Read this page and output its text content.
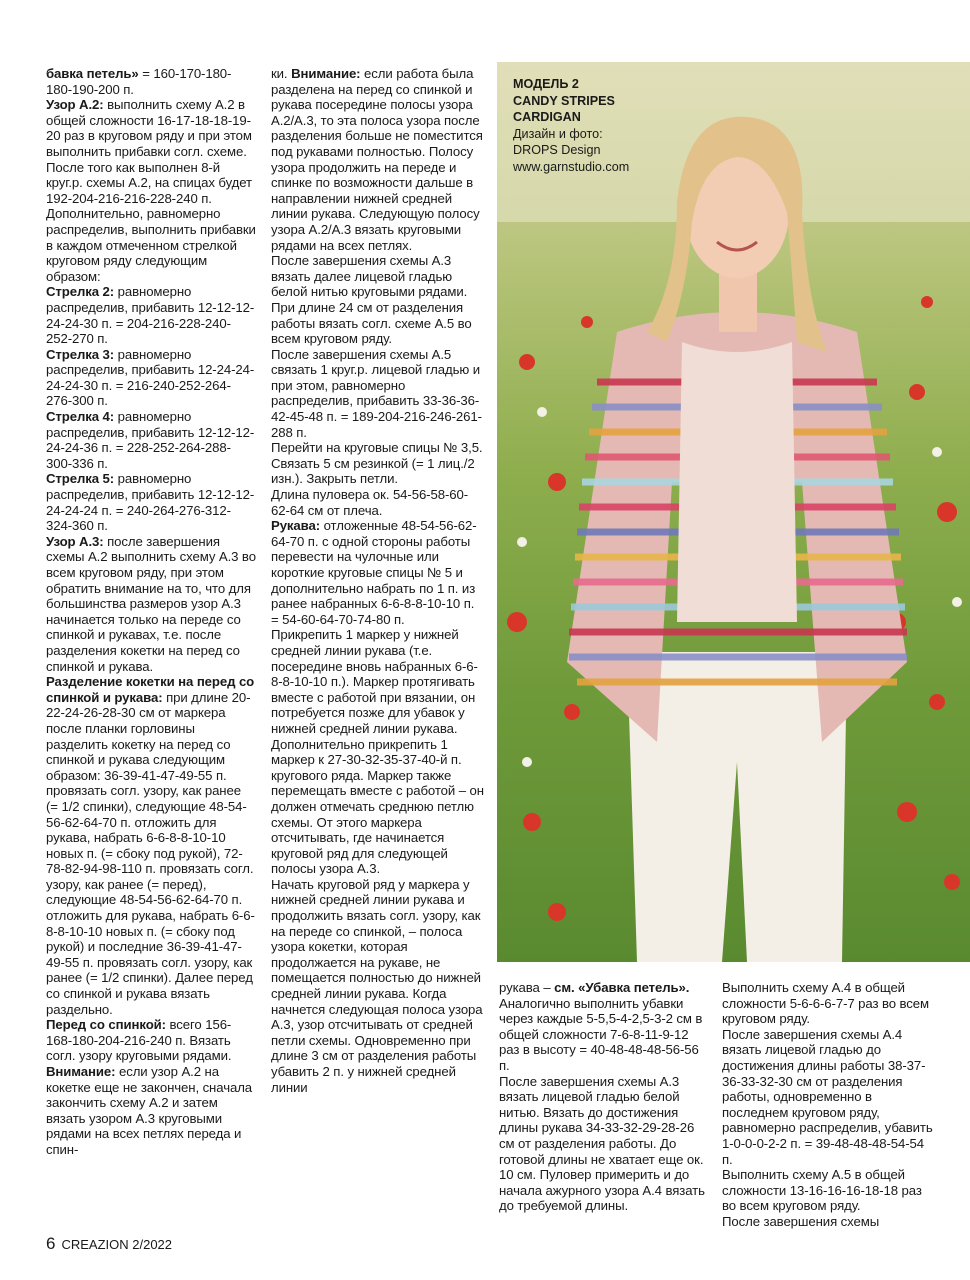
бавка петель» = 160-170-180-180-190-200 п.

Узор А.2: выполнить схему А.2 в общей сложности 16-17-18-18-19-20 раз в круговом ряду и при этом выполнить прибавки согл. схеме. После того как выполнен 8-й круг.р. схемы А.2, на спицах будет 192-204-216-216-228-240 п. Дополнительно, равномерно распределив, выполнить прибавки в каждом отмеченном стрелкой круговом ряду следующим образом:

Стрелка 2: равномерно распределив, прибавить 12-12-12-24-24-30 п. = 204-216-228-240-252-270 п.

Стрелка 3: равномерно распределив, прибавить 12-24-24-24-24-30 п. = 216-240-252-264-276-300 п.

Стрелка 4: равномерно распределив, прибавить 12-12-12-24-24-36 п. = 228-252-264-288-300-336 п.

Стрелка 5: равномерно распределив, прибавить 12-12-12-24-24-24 п. = 240-264-276-312-324-360 п.

Узор А.3: после завершения схемы А.2 выполнить схему А.3 во всем круговом ряду, при этом обратить внимание на то, что для большинства размеров узор А.3 начинается только на переде со спинкой и рукавах, т.е. после разделения кокетки на перед со спинкой и рукава.

Разделение кокетки на перед со спинкой и рукава: при длине 20-22-24-26-28-30 см от маркера после планки горловины разделить кокетку на перед со спинкой и рукава следующим образом: 36-39-41-47-49-55 п. провязать согл. узору, как ранее (= 1/2 спинки), следующие 48-54-56-62-64-70 п. отложить для рукава, набрать 6-6-8-8-10-10 новых п. (= сбоку под рукой), 72-78-82-94-98-110 п. провязать согл. узору, как ранее (= перед), следующие 48-54-56-62-64-70 п. отложить для рукава, набрать 6-6-8-8-10-10 новых п. (= сбоку под рукой) и последние 36-39-41-47-49-55 п. провязать согл. узору, как ранее (= 1/2 спинки). Далее перед со спинкой и рукава вязать раздельно.

Перед со спинкой: всего 156-168-180-204-216-240 п. Вязать согл. узору круговыми рядами. Внимание: если узор А.2 на кокетке еще не закончен, сначала закончить схему А.2 и затем вязать узором А.3 круговыми рядами на всех петлях переда и спин-

ки. Внимание: если работа была разделена на перед со спинкой и рукава посередине полосы узора А.2/А.3, то эта полоса узора после разделения больше не поместится под рукавами полностью. Полосу узора продолжить на переде и спинке по возможности дальше в направлении нижней средней линии рукава. Следующую полосу узора А.2/А.3 вязать круговыми рядами на всех петлях.

После завершения схемы А.3 вязать далее лицевой гладью белой нитью круговыми рядами. При длине 24 см от разделения работы вязать согл. схеме А.5 во всем круговом ряду.

После завершения схемы А.5 связать 1 круг.р. лицевой гладью и при этом, равномерно распределив, прибавить 33-36-36-42-45-48 п. = 189-204-216-246-261-288 п.

Перейти на круговые спицы № 3,5. Связать 5 см резинкой (= 1 лиц./2 изн.). Закрыть петли.

Длина пуловера ок. 54-56-58-60-62-64 см от плеча.

Рукава: отложенные 48-54-56-62-64-70 п. с одной стороны работы перевести на чулочные или короткие круговые спицы № 5 и дополнительно набрать по 1 п. из ранее набранных 6-6-8-8-10-10 п. = 54-60-64-70-74-80 п.

Прикрепить 1 маркер у нижней средней линии рукава (т.е. посередине вновь набранных 6-6-8-8-10-10 п.). Маркер протягивать вместе с работой при вязании, он потребуется позже для убавок у нижней средней линии рукава.

Дополнительно прикрепить 1 маркер к 27-30-32-35-37-40-й п. кругового ряда. Маркер также перемещать вместе с работой – он должен отмечать среднюю петлю схемы. От этого маркера отсчитывать, где начинается круговой ряд для следующей полосы узора А.3.

Начать круговой ряд у маркера у нижней средней линии рукава и продолжить вязать согл. узору, как на переде со спинкой, – полоса узора кокетки, которая продолжается на рукаве, не помещается полностью до нижней средней линии рукава. Когда начнется следующая полоса узора А.3, узор отсчитывать от средней петли схемы. Одновременно при длине 3 см от разделения работы убавить 2 п. у нижней средней линии

МОДЕЛЬ 2
CANDY STRIPES
CARDIGAN
Дизайн и фото:
DROPS Design
www.garnstudio.com

рукава – см. «Убавка петель». Аналогично выполнить убавки через каждые 5-5,5-4-2,5-3-2 см в общей сложности 7-6-8-11-9-12 раз в высоту = 40-48-48-48-56-56 п.

После завершения схемы А.3 вязать лицевой гладью белой нитью. Вязать до достижения длины рукава 34-33-32-29-28-26 см от разделения работы. До готовой длины не хватает еще ок. 10 см. Пуловер примерить и до начала ажурного узора А.4 вязать до требуемой длины.

Выполнить схему А.4 в общей сложности 5-6-6-6-7-7 раз во всем круговом ряду.

После завершения схемы А.4 вязать лицевой гладью до достижения длины работы 38-37-36-33-32-30 см от разделения работы, одновременно в последнем круговом ряду, равномерно распределив, убавить 1-0-0-0-2-2 п. = 39-48-48-48-54-54 п.

Выполнить схему А.5 в общей сложности 13-16-16-16-18-18 раз во всем круговом ряду.

После завершения схемы

6 CREAZION 2/2022
